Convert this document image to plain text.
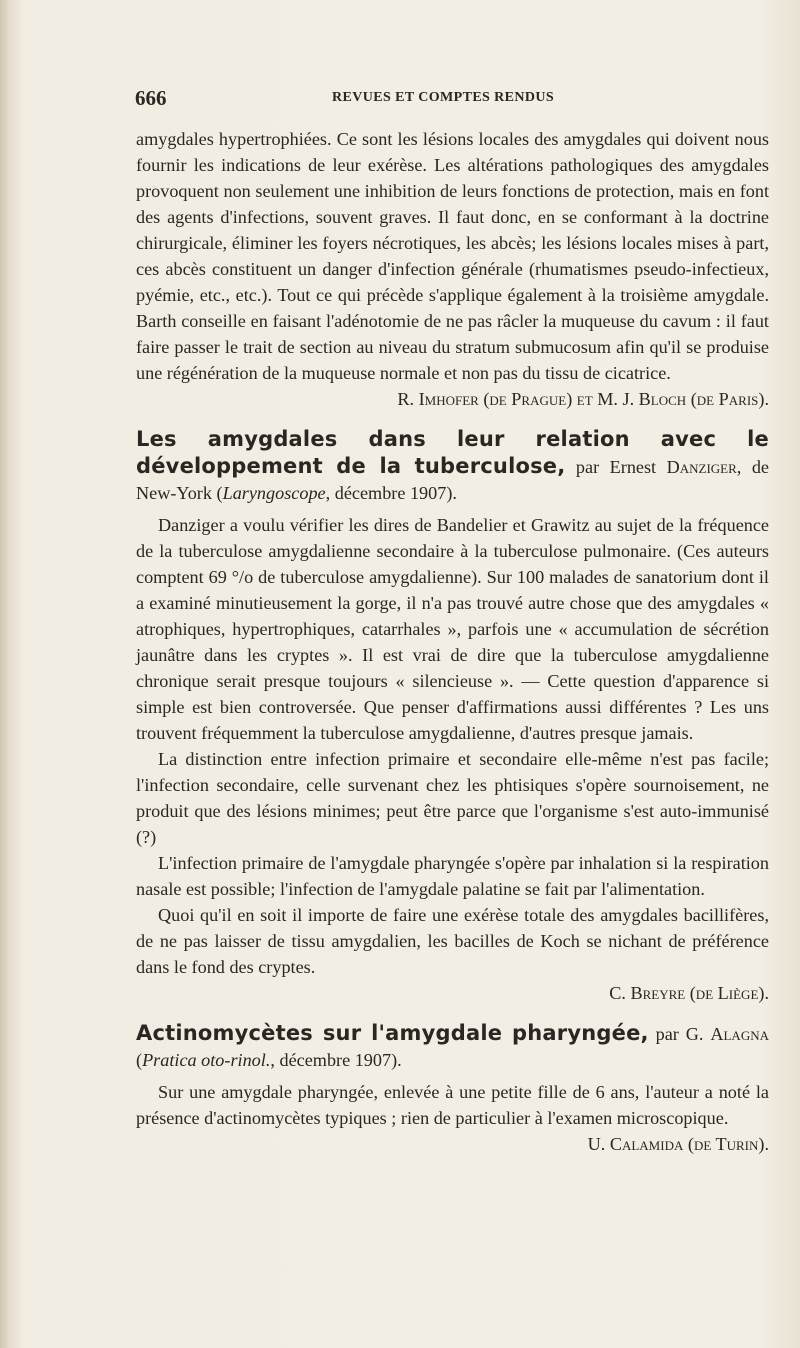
666	REVUES ET COMPTES RENDUS

amygdales hypertrophiées. Ce sont les lésions locales des amygdales qui doivent nous fournir les indications de leur exérèse. Les altérations pathologiques des amygdales provoquent non seulement une inhibition de leurs fonctions de protection, mais en font des agents d'infections, souvent graves. Il faut donc, en se conformant à la doctrine chirurgicale, éliminer les foyers nécrotiques, les abcès; les lésions locales mises à part, ces abcès constituent un danger d'infection générale (rhumatismes pseudo-infectieux, pyémie, etc., etc.). Tout ce qui précède s'applique également à la troisième amygdale. Barth conseille en faisant l'adénotomie de ne pas râcler la muqueuse du cavum : il faut faire passer le trait de section au niveau du stratum submucosum afin qu'il se produise une régénération de la muqueuse normale et non pas du tissu de cicatrice.

R. Imhofer (de Prague) et M. J. Bloch (de Paris).

Les amygdales dans leur relation avec le développement de la tuberculose, par Ernest Danziger, de New-York (Laryngoscope, décembre 1907).

Danziger a voulu vérifier les dires de Bandelier et Grawitz au sujet de la fréquence de la tuberculose amygdalienne secondaire à la tuberculose pulmonaire. (Ces auteurs comptent 69 °/o de tuberculose amygdalienne). Sur 100 malades de sanatorium dont il a examiné minutieusement la gorge, il n'a pas trouvé autre chose que des amygdales « atrophiques, hypertrophiques, catarrhales », parfois une « accumulation de sécrétion jaunâtre dans les cryptes ». Il est vrai de dire que la tuberculose amygdalienne chronique serait presque toujours « silencieuse ». — Cette question d'apparence si simple est bien controversée. Que penser d'affirmations aussi différentes ? Les uns trouvent fréquemment la tuberculose amygdalienne, d'autres presque jamais.

La distinction entre infection primaire et secondaire elle-même n'est pas facile; l'infection secondaire, celle survenant chez les phtisiques s'opère sournoisement, ne produit que des lésions minimes; peut être parce que l'organisme s'est auto-immunisé (?)

L'infection primaire de l'amygdale pharyngée s'opère par inhalation si la respiration nasale est possible; l'infection de l'amygdale palatine se fait par l'alimentation.

Quoi qu'il en soit il importe de faire une exérèse totale des amygdales bacillifères, de ne pas laisser de tissu amygdalien, les bacilles de Koch se nichant de préférence dans le fond des cryptes.

C. Breyre (de Liège).

Actinomycètes sur l'amygdale pharyngée, par G. Alagna (Pratica oto-rinol., décembre 1907).

Sur une amygdale pharyngée, enlevée à une petite fille de 6 ans, l'auteur a noté la présence d'actinomycètes typiques ; rien de particulier à l'examen microscopique.

U. Calamida (de Turin).
